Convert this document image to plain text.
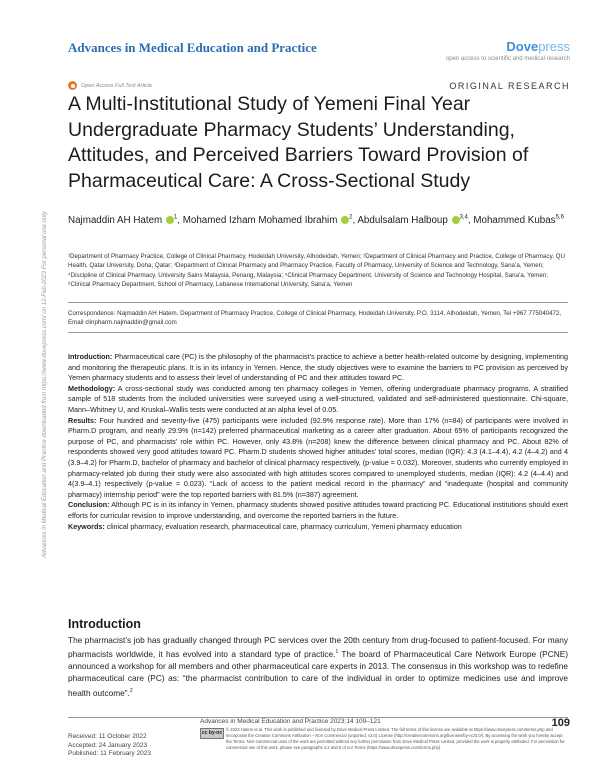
Advances in Medical Education and Practice	Dovepress
open access to scientific and medical research
Open Access Full Text Article	ORIGINAL RESEARCH
A Multi-Institutional Study of Yemeni Final Year Undergraduate Pharmacy Students’ Understanding, Attitudes, and Perceived Barriers Toward Provision of Pharmaceutical Care: A Cross-Sectional Study
Najmaddin AH Hatem $^1$, Mohamed Izham Mohamed Ibrahim $^2$, Abdulsalam Halboup $^{3,4}$, Mohammed Kubas$^{5,6}$
¹Department of Pharmacy Practice, College of Clinical Pharmacy, Hodeidah University, Alhodeidah, Yemen; ²Department of Clinical Pharmacy and Practice, College of Pharmacy, QU Health, Qatar University, Doha, Qatar; ³Department of Clinical Pharmacy and Pharmacy Practice, Faculty of Pharmacy, University of Science and Technology, Sana’a, Yemen; ⁴Discipline of Clinical Pharmacy, University Sains Malaysia, Penang, Malaysia; ⁵Clinical Pharmacy Department, University of Science and Technology Hospital, Sana’a, Yemen; ⁶Clinical Pharmacy Department, School of Pharmacy, Lebanese International University, Sana’a, Yemen
Correspondence: Najmaddin AH Hatem, Department of Pharmacy Practice, College of Clinical Pharmacy, Hodeidah University, P.O. 3114, Alhodeidah, Yemen, Tel +967 775040472, Email clinpharm.najmaddin@gmail.com

Introduction: Pharmaceutical care (PC) is the philosophy of the pharmacist’s practice to achieve a better health-related outcome by designing, implementing and monitoring the therapeutic plans. It is in its infancy in Yemen. Hence, the study objectives were to examine the barriers to PC provision as perceived by Yemen pharmacy students and to assess their level of understanding of PC and their attitudes toward PC.

Methodology: A cross-sectional study was conducted among ten pharmacy colleges in Yemen, offering undergraduate pharmacy programs. A stratified sample of 518 students from the included universities were surveyed using a well-structured, validated and self-administered questionnaire. Chi-square, Mann–Whitney U, and Kruskal–Wallis tests were conducted at an alpha level of 0.05.

Results: Four hundred and seventy-five (475) participants were included (92.9% response rate). More than 17% (n=84) of participants were involved in Pharm.D program, and nearly 29.9% (n=142) preferred pharmaceutical marketing as a career after graduation. About 65% of participants recognized the purpose of PC, and pharmacists’ role within PC. However, only 43.8% (n=208) knew the difference between clinical pharmacy and PC. About 82% of respondents showed very good attitudes toward PC. Pharm.D students showed higher attitudes’ total scores, median (IQR): 4.3 (4.1–4.4), 4.2 (4–4.2) and 4 (3.9–4.2) for Pharm.D, bachelor of pharmacy and bachelor of clinical pharmacy respectively, (p-value = 0.032). Moreover, students who currently employed in pharmacy-related job during their study were also associated with high attitudes scores compared to unemployed students, median (IQR): 4.2 (4–4.4) and 4(3.9–4.1) respectively (p-value = 0.023). “Lack of access to the patient medical record in the pharmacy” and “inadequate (hospital and community pharmacy) internship period” were the top reported barriers with 81.5% (n=387) agreement.

Conclusion: Although PC is in its infancy in Yemen, pharmacy students showed positive attitudes toward practicing PC. Educational institutions should exert efforts for curricular revision to improve understanding, and overcome the reported barriers in the future.

Keywords: clinical pharmacy, evaluation research, pharmaceutical care, pharmacy curriculum, Yemeni pharmacy education

Introduction
The pharmacist’s job has gradually changed through PC services over the 20th century from drug-focused to patient-focused. For many pharmacists worldwide, it has evolved into a standard type of practice.$^1$ The board of Pharmaceutical Care Network Europe (PCNE) announced a workshop for all members and other pharmaceutical care experts in 2013. The consensus in this workshop was to redefine pharmaceutical care (PC) as: “the pharmacist contribution to care of the individual in order to optimize medicines use and improve health outcome”.$^2$
Advances in Medical Education and Practice downloaded from https://www.dovepress.com/ on 12-Feb-2023 For personal use only.
Received: 11 October 2022
Accepted: 24 January 2023
Published: 11 February 2023
Advances in Medical Education and Practice 2023:14 109–121	109
cc by-nc
© 2023 Hatem et al. This work is published and licensed by Dove Medical Press Limited. The full terms of this license are available at https://www.dovepress.com/terms.php and incorporate the Creative Commons Attribution – Non Commercial (unported, v3.0) License (http://creativecommons.org/licenses/by-nc/3.0/). By accessing the work you hereby accept the Terms. Non-commercial uses of the work are permitted without any further permission from Dove Medical Press Limited, provided the work is properly attributed. For permission for commercial use of this work, please see paragraphs 4.2 and 5 of our Terms (https://www.dovepress.com/terms.php).
